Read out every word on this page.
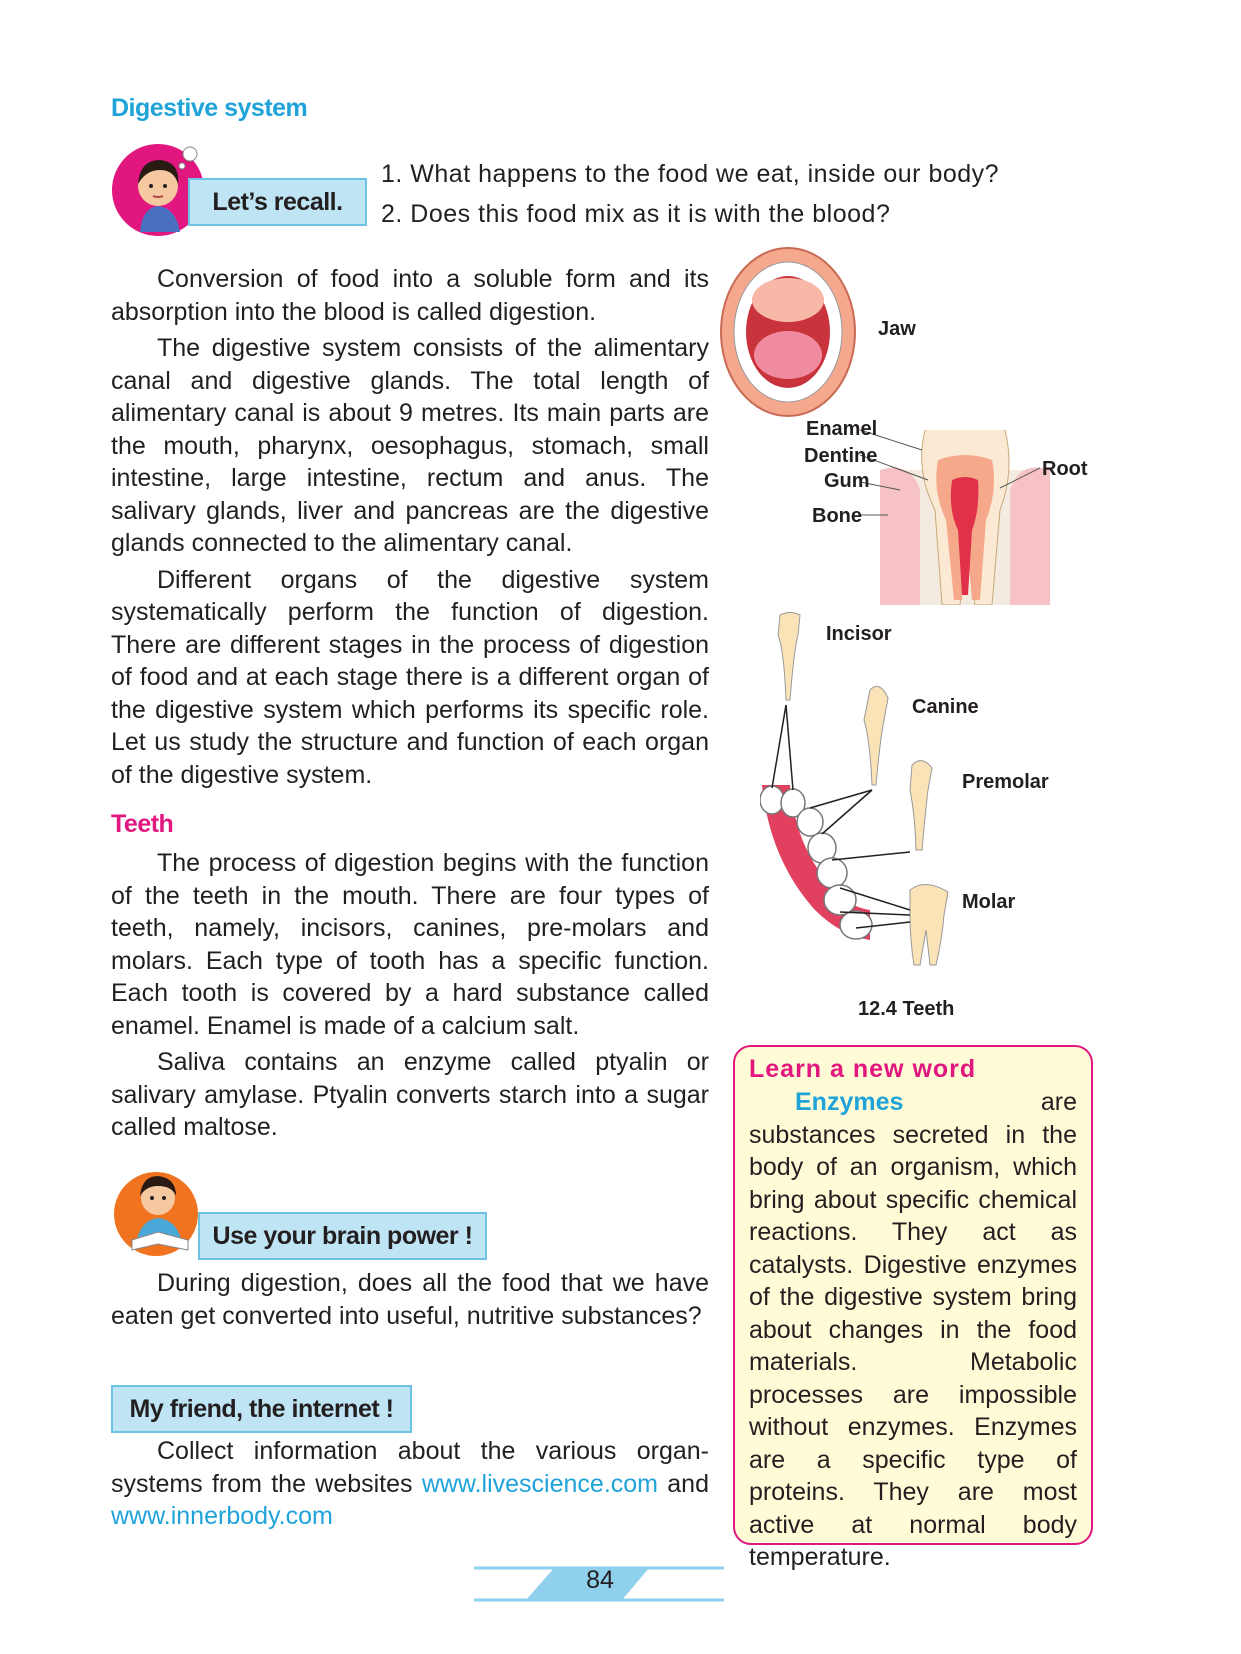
Digestive system
Let’s recall.
1. What happens to the food we eat, inside our body?
2. Does this food mix as it is with the blood?

Conversion of food into a soluble form and its absorption into the blood is called digestion.

The digestive system consists of the alimentary canal and digestive glands. The total length of alimentary canal is about 9 metres. Its main parts are the mouth, pharynx, oesophagus, stomach, small intestine, large intestine, rectum and anus. The salivary glands, liver and pancreas are the digestive glands connected to the alimentary canal.

Different organs of the digestive system systematically perform the function of digestion. There are different stages in the process of digestion of food and at each stage there is a different organ of the digestive system which performs its specific role. Let us study the structure and function of each organ of the digestive system.

Teeth

The process of digestion begins with the function of the teeth in the mouth. There are four types of teeth, namely, incisors, canines, pre-molars and molars. Each type of tooth has a specific function. Each tooth is covered by a hard substance called enamel. Enamel is made of a calcium salt.

Saliva contains an enzyme called ptyalin or salivary amylase. Ptyalin converts starch into a sugar called maltose.

Use your brain power !

During digestion, does all the food that we have eaten get converted into useful, nutritive substances?

My friend, the internet !

Collect information about the various organ-systems from the websites www.livescience.com and www.innerbody.com

Jaw
Enamel
Dentine
Gum
Bone
Root
Incisor
Canine
Premolar
Molar
12.4 Teeth
Learn a new word

Enzymes are substances secreted in the body of an organism, which bring about specific chemical reactions. They act as catalysts. Digestive enzymes of the digestive system bring about changes in the food materials. Metabolic processes are impossible without enzymes. Enzymes are a specific type of proteins. They are most active at normal body temperature.

84
